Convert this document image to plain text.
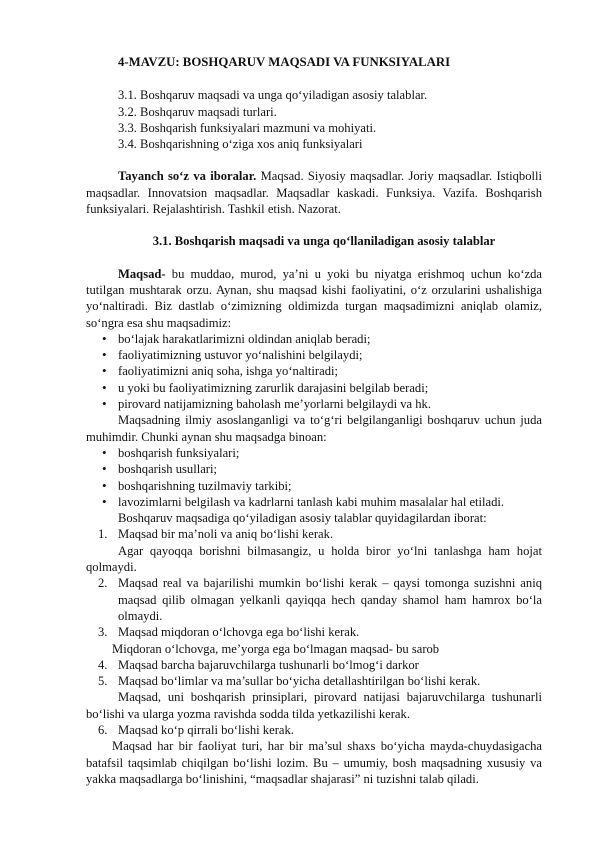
4-MAVZU: BOSHQARUV MAQSADI VA FUNKSIYALARI
3.1. Boshqaruv maqsadi va unga qo‘yiladigan asosiy talablar.
3.2. Boshqaruv maqsadi turlari.
3.3. Boshqarish funksiyalari mazmuni va mohiyati.
3.4. Boshqarishning o‘ziga xos aniq funksiyalari

Tayanch so‘z va iboralar. Maqsad. Siyosiy maqsadlar. Joriy maqsadlar. Istiqbolli maqsadlar. Innovatsion maqsadlar. Maqsadlar kaskadi. Funksiya. Vazifa. Boshqarish funksiyalari. Rejalashtirish. Tashkil etish. Nazorat.

3.1. Boshqarish maqsadi va unga qo‘llaniladigan asosiy talablar

Maqsad- bu muddao, murod, ya’ni u yoki bu niyatga erishmoq uchun ko‘zda tutilgan mushtarak orzu. Aynan, shu maqsad kishi faoliyatini, o‘z orzularini ushalishiga yo‘naltiradi. Biz dastlab o‘zimizning oldimizda turgan maqsadimizni aniqlab olamiz, so‘ngra esa shu maqsadimiz:

• bo‘lajak harakatlarimizni oldindan aniqlab beradi;
• faoliyatimizning ustuvor yo‘nalishini belgilaydi;
• faoliyatimizni aniq soha, ishga yo‘naltiradi;
• u yoki bu faoliyatimizning zarurlik darajasini belgilab beradi;
• pirovard natijamizning baholash me’yorlarni belgilaydi va hk.

Maqsadning ilmiy asoslanganligi va to‘g‘ri belgilanganligi boshqaruv uchun juda muhimdir. Chunki aynan shu maqsadga binoan:

• boshqarish funksiyalari;
• boshqarish usullari;
• boshqarishning tuzilmaviy tarkibi;
• lavozimlarni belgilash va kadrlarni tanlash kabi muhim masalalar hal etiladi.

Boshqaruv maqsadiga qo‘yiladigan asosiy talablar quyidagilardan iborat:

1. Maqsad bir ma’noli va aniq bo‘lishi kerak.

Agar qayoqqa borishni bilmasangiz, u holda biror yo‘lni tanlashga ham hojat qolmaydi.

2. Maqsad real va bajarilishi mumkin bo‘lishi kerak – qaysi tomonga suzishni aniq maqsad qilib olmagan yelkanli qayiqqa hech qanday shamol ham hamrox bo‘la olmaydi.
3. Maqsad miqdoran o‘lchovga ega bo‘lishi kerak.

Miqdoran o‘lchovga, me’yorga ega bo‘lmagan maqsad- bu sarob

4. Maqsad barcha bajaruvchilarga tushunarli bo‘lmog‘i darkor
5. Maqsad bo‘limlar va ma’sullar bo‘yicha detallashtirilgan bo‘lishi kerak.

Maqsad, uni boshqarish prinsiplari, pirovard natijasi bajaruvchilarga tushunarli bo‘lishi va ularga yozma ravishda sodda tilda yetkazilishi kerak.

6. Maqsad ko‘p qirrali bo‘lishi kerak.

Maqsad har bir faoliyat turi, har bir ma’sul shaxs bo‘yicha mayda-chuydasigacha batafsil taqsimlab chiqilgan bo‘lishi lozim. Bu – umumiy, bosh maqsadning xususiy va yakka maqsadlarga bo‘linishini, “maqsadlar shajarasi” ni tuzishni talab qiladi.
